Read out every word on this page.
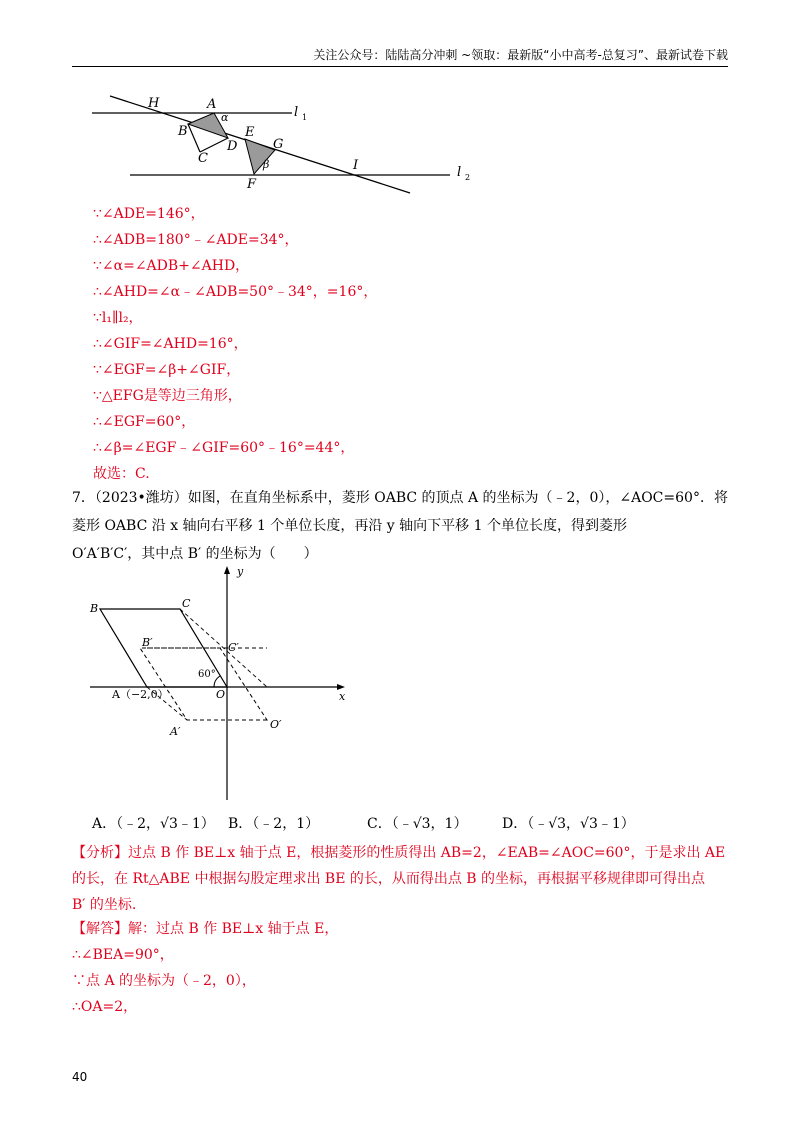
关注公众号：陆陆高分冲刺 ~领取：最新版“小中高考-总复习”、最新试卷下载
H	A
α	l 1
B	E
G
C
D
β	I
F
l 2
∵∠ADE=146°，
∴∠ADB=180°﹣∠ADE=34°，
∵∠α=∠ADB+∠AHD，
∴∠AHD=∠α﹣∠ADB=50°﹣34°，=16°，
∵l₁∥l₂，
∴∠GIF=∠AHD=16°，
∵∠EGF=∠β+∠GIF，
∵△EFG是等边三角形，
∴∠EGF=60°，
∴∠β=∠EGF﹣∠GIF=60°﹣16°=44°，
故选：C.

7．（2023•潍坊）如图，在直角坐标系中，菱形 OABC 的顶点 A 的坐标为（﹣2，0），∠AOC=60°．将

菱形 OABC 沿 x 轴向右平移 1 个单位长度，再沿 y 轴向下平移 1 个单位长度，得到菱形

O′A′B′C′，其中点 B′ 的坐标为（　　）

y
B	C
B′	C′
60°
A（−2,0）	O	x
A′
O′
A．（﹣2，√3﹣1） B．（﹣2，1）	C．（﹣√3，1） D．（﹣√3，√3﹣1）

【分析】过点 B 作 BE⊥x 轴于点 E，根据菱形的性质得出 AB=2，∠EAB=∠AOC=60°，于是求出 AE

的长，在 Rt△ABE 中根据勾股定理求出 BE 的长，从而得出点 B 的坐标，再根据平移规律即可得出点

B′ 的坐标.

【解答】解：过点 B 作 BE⊥x 轴于点 E，
∴∠BEA=90°，
∵点 A 的坐标为（﹣2，0），
∴OA=2，
40
